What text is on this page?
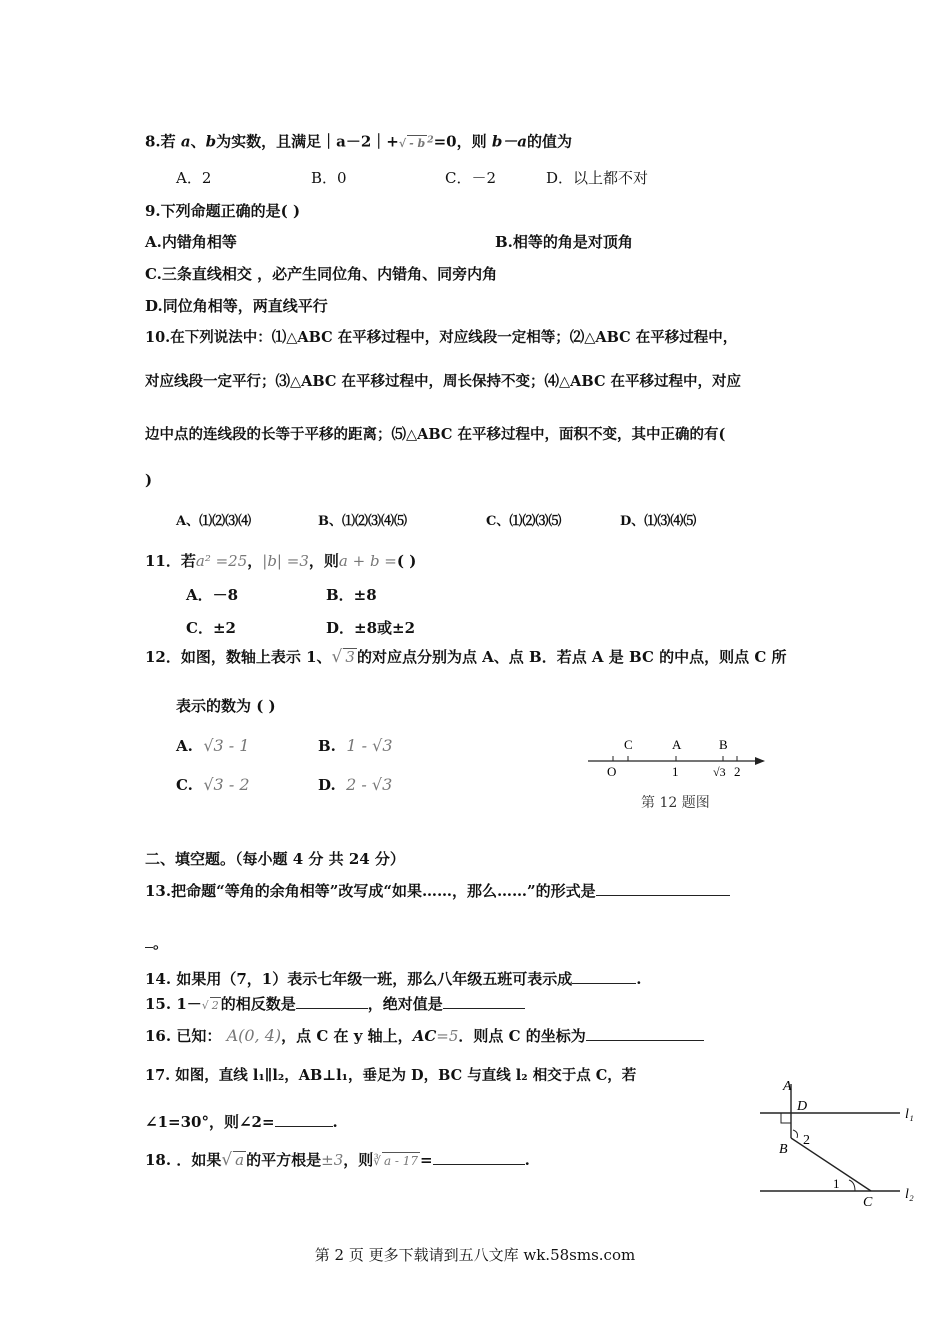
8.若 a、b为实数，且满足｜a－2｜+√ - b $^2$=0，则 b－a的值为
A．2	B．0	C．－2	D．以上都不对
9.下列命题正确的是( )
A.内错角相等	B.相等的角是对顶角
C.三条直线相交 ，必产生同位角、内错角、同旁内角
D.同位角相等，两直线平行
10.在下列说法中：⑴△ABC 在平移过程中，对应线段一定相等；⑵△ABC 在平移过程中，
对应线段一定平行；⑶△ABC 在平移过程中，周长保持不变；⑷△ABC 在平移过程中，对应
边中点的连线段的长等于平移的距离；⑸△ABC 在平移过程中，面积不变，其中正确的有(
)
A、⑴⑵⑶⑷	B、⑴⑵⑶⑷⑸	C、⑴⑵⑶⑸	D、⑴⑶⑷⑸
11．若a² =25，|b| =3，则a + b =( )
A．－8	B．±8
C．±2	D．±8或±2
12．如图，数轴上表示 1、√ 3 的对应点分别为点 A、点 B．若点 A 是 BC 的中点，则点 C 所
表示的数为 ( )
A. √3 - 1	B. 1 - √3
C. √3 - 2	D. 2 - √3
C	A	B
O	1	√3 2
第 12 题图
二、填空题。（每小题 4 分 共 24 分）
13.把命题“等角的余角相等”改写成“如果……，那么……”的形式是
。
14. 如果用（7，1）表示七年级一班，那么八年级五班可表示成	.
15. 1－√ 2 的相反数是	，绝对值是
16. 已知： A(0, 4)，点 C 在 y 轴上，AC=5．则点 C 的坐标为
17. 如图，直线 l₁∥l₂，AB⊥l₁，垂足为 D，BC 与直线 l₂ 相交于点 C，若
∠1=30°，则∠2=	.
A
D
B
2
1
C
l₁
l₂
18. ．如果√ a 的平方根是±3，则∛ a - 17 =	.
第 2 页 更多下载请到五八文库 wk.58sms.com
